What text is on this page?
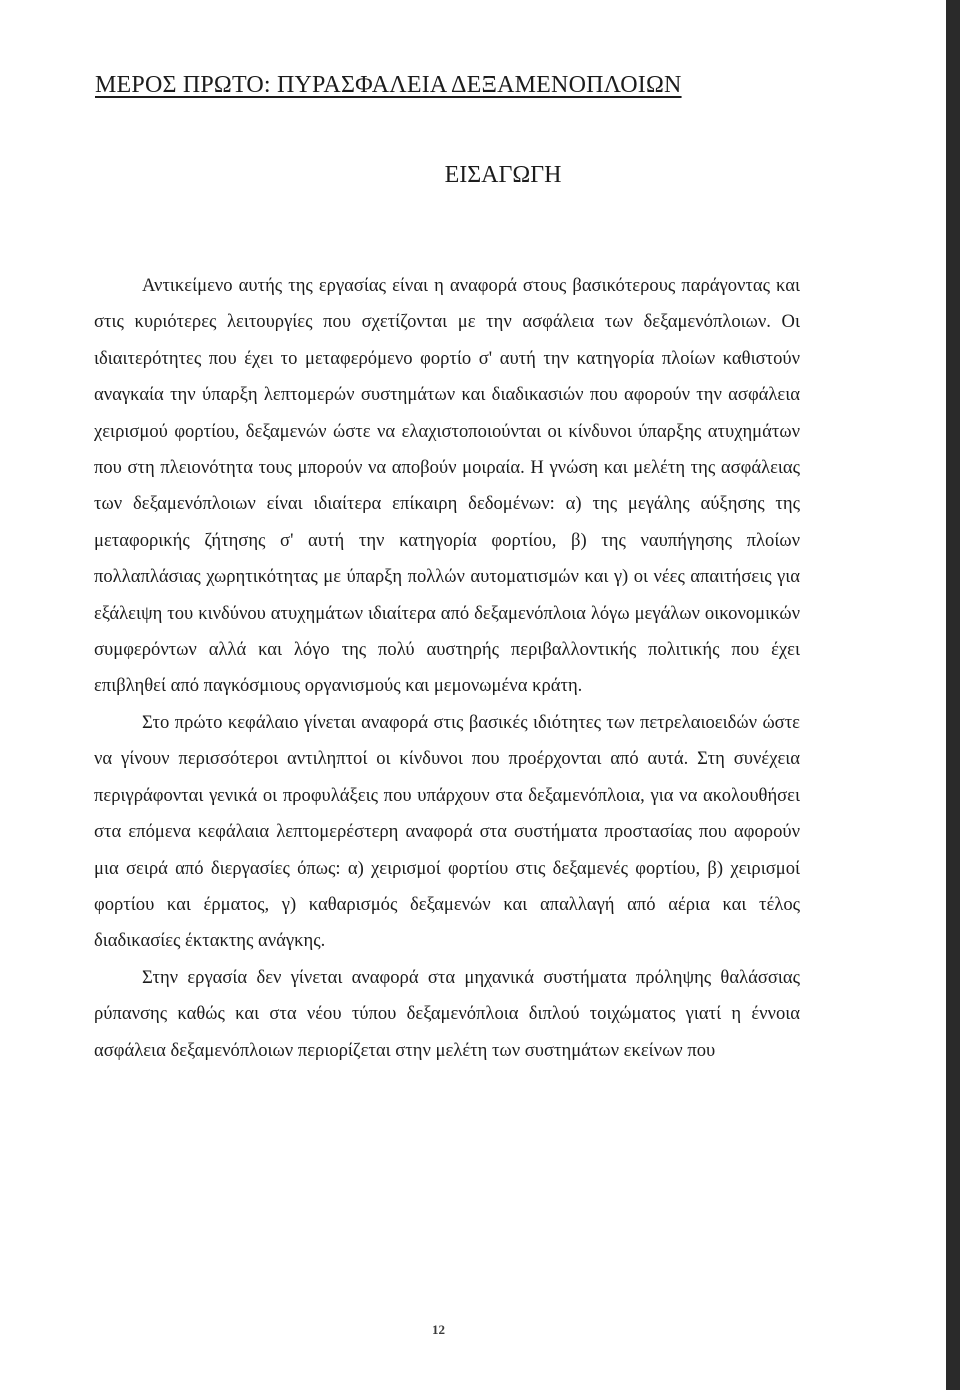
ΜΕΡΟΣ ΠΡΩΤΟ: ΠΥΡΑΣΦΑΛΕΙΑ ΔΕΞΑΜΕΝΟΠΛΟΙΩΝ
ΕΙΣΑΓΩΓΗ

Αντικείμενο αυτής της εργασίας είναι η αναφορά στους βασικότερους παράγοντας και στις κυριότερες λειτουργίες που σχετίζονται με την ασφάλεια των δεξαμενόπλοιων. Οι ιδιαιτερότητες που έχει το μεταφερόμενο φορτίο σ' αυτή την κατηγορία πλοίων καθιστούν αναγκαία την ύπαρξη λεπτομερών συστημάτων και διαδικασιών που αφορούν την ασφάλεια χειρισμού φορτίου, δεξαμενών ώστε να ελαχιστοποιούνται οι κίνδυνοι ύπαρξης ατυχημάτων που στη πλειονότητα τους μπορούν να αποβούν μοιραία. Η γνώση και μελέτη της ασφάλειας των δεξαμενόπλοιων είναι ιδιαίτερα επίκαιρη δεδομένων: α) της μεγάλης αύξησης της μεταφορικής ζήτησης σ' αυτή την κατηγορία φορτίου, β) της ναυπήγησης πλοίων πολλαπλάσιας χωρητικότητας με ύπαρξη πολλών αυτοματισμών και γ) οι νέες απαιτήσεις για εξάλειψη του κινδύνου ατυχημάτων ιδιαίτερα από δεξαμενόπλοια λόγω μεγάλων οικονομικών συμφερόντων αλλά και λόγο της πολύ αυστηρής περιβαλλοντικής πολιτικής που έχει επιβληθεί από παγκόσμιους οργανισμούς και μεμονωμένα κράτη.

Στο πρώτο κεφάλαιο γίνεται αναφορά στις βασικές ιδιότητες των πετρελαιοειδών ώστε να γίνουν περισσότεροι αντιληπτοί οι κίνδυνοι που προέρχονται από αυτά. Στη συνέχεια περιγράφονται γενικά οι προφυλάξεις που υπάρχουν στα δεξαμενόπλοια, για να ακολουθήσει στα επόμενα κεφάλαια λεπτομερέστερη αναφορά στα συστήματα προστασίας που αφορούν μια σειρά από διεργασίες όπως: α) χειρισμοί φορτίου στις δεξαμενές φορτίου, β) χειρισμοί φορτίου και έρματος, γ) καθαρισμός δεξαμενών και απαλλαγή από αέρια και τέλος διαδικασίες έκτακτης ανάγκης.

Στην εργασία δεν γίνεται αναφορά στα μηχανικά συστήματα πρόληψης θαλάσσιας ρύπανσης καθώς και στα νέου τύπου δεξαμενόπλοια διπλού τοιχώματος γιατί η έννοια ασφάλεια δεξαμενόπλοιων περιορίζεται στην μελέτη των συστημάτων εκείνων που

12
